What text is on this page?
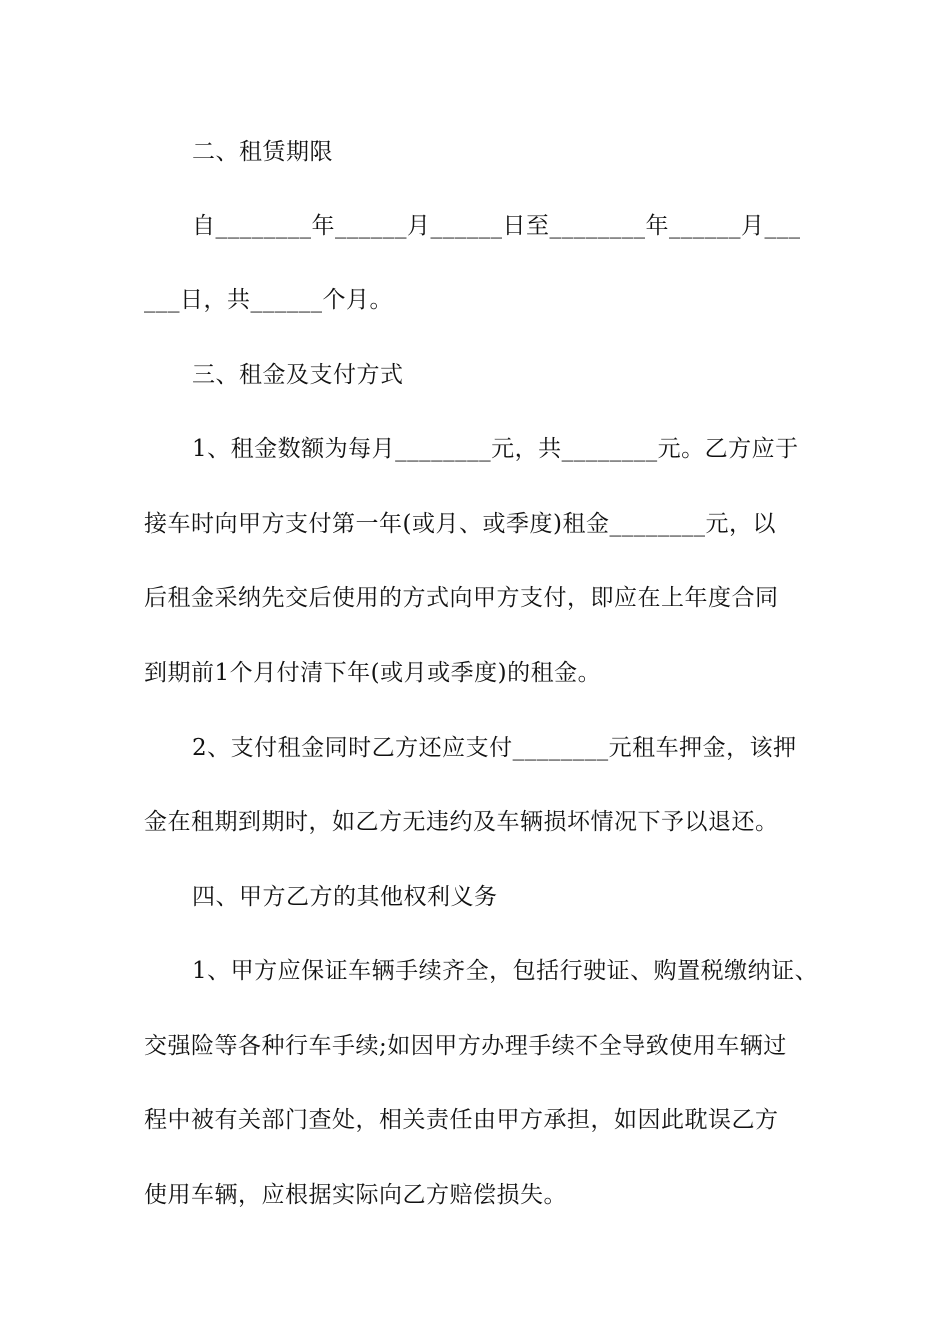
二、租赁期限
自________年______月______日至________年______月___
___日，共______个月。
三、租金及支付方式
1、租金数额为每月________元，共________元。乙方应于
接车时向甲方支付第一年(或月、或季度)租金________元，以
后租金采纳先交后使用的方式向甲方支付，即应在上年度合同
到期前1个月付清下年(或月或季度)的租金。
2、支付租金同时乙方还应支付________元租车押金，该押
金在租期到期时，如乙方无违约及车辆损坏情况下予以退还。
四、甲方乙方的其他权利义务
1、甲方应保证车辆手续齐全，包括行驶证、购置税缴纳证、
交强险等各种行车手续;如因甲方办理手续不全导致使用车辆过
程中被有关部门查处，相关责任由甲方承担，如因此耽误乙方
使用车辆，应根据实际向乙方赔偿损失。
